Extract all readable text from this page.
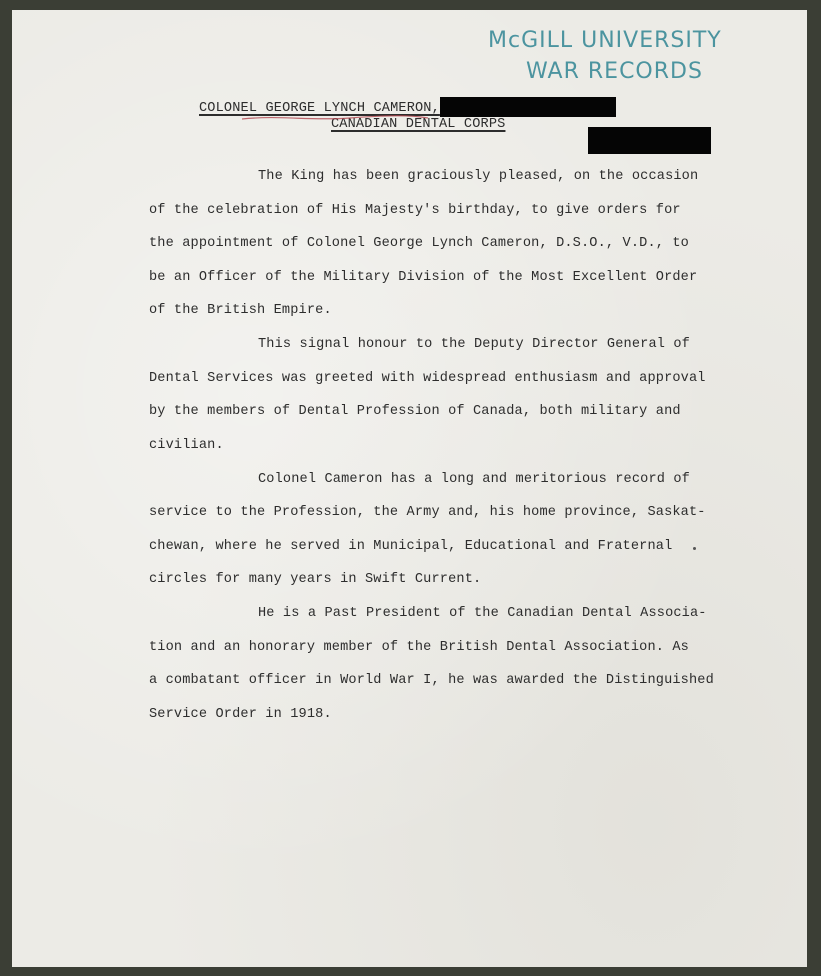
McGILL UNIVERSITY
WAR RECORDS
COLONEL GEORGE LYNCH CAMERON,
CANADIAN DENTAL CORPS
The King has been graciously pleased, on the occasion
of the celebration of His Majesty's birthday, to give orders for
the appointment of Colonel George Lynch Cameron, D.S.O., V.D., to
be an Officer of the Military Division of the Most Excellent Order
of the British Empire.
This signal honour to the Deputy Director General of
Dental Services was greeted with widespread enthusiasm and approval
by the members of Dental Profession of Canada, both military and
civilian.
Colonel Cameron has a long and meritorious record of
service to the Profession, the Army and, his home province, Saskat-
chewan, where he served in Municipal, Educational and Fraternal
circles for many years in Swift Current.
He is a Past President of the Canadian Dental Associa-
tion and an honorary member of the British Dental Association. As
a combatant officer in World War I, he was awarded the Distinguished
Service Order in 1918.
